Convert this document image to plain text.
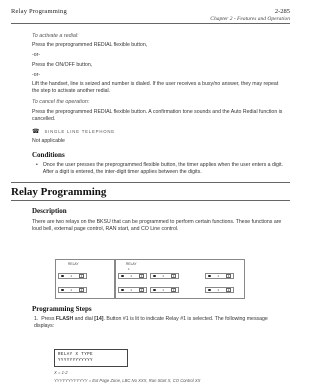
Relay Programming	2-285
Chapter 2 - Features and Operation
To activate a redial:
Press the preprogrammed REDIAL flexible button,
-or-
Press the ON/OFF button,
-or-
Lift the handset, line is seized and number is dialed. If the user receives a busy/no answer, they may repeat the step to activate another redial.
To cancel the operation:
Press the preprogrammed REDIAL flexible button. A confirmation tone sounds and the Auto Redial function is cancelled.
☎ SINGLE LINE TELEPHONE
Not applicable
Conditions
• Once the user presses the preprogrammed flexible button, the timer applies when the user enters a digit. After a digit is entered, the inter-digit timer applies between the digits.
Relay Programming
Description
There are two relays on the BKSU that can be programmed to perform certain functions. These functions are loud bell, external page control, RAN start, and CO Line control.
RELAY	RELAY
1
1	2	1	2	1	2	1	2
1	2	1	2	1	2	1	2
Programming Steps
1.  Press FLASH and dial [14]. Button #1 is lit to indicate Relay #1 is selected. The following message displays:
RELAY X TYPE
YYYYYYYYYYYY
X = 1-2
YYYYYYYYYYYY = Ext Page Zone, LBC No XXX, Ran Start X, CO Control XX
